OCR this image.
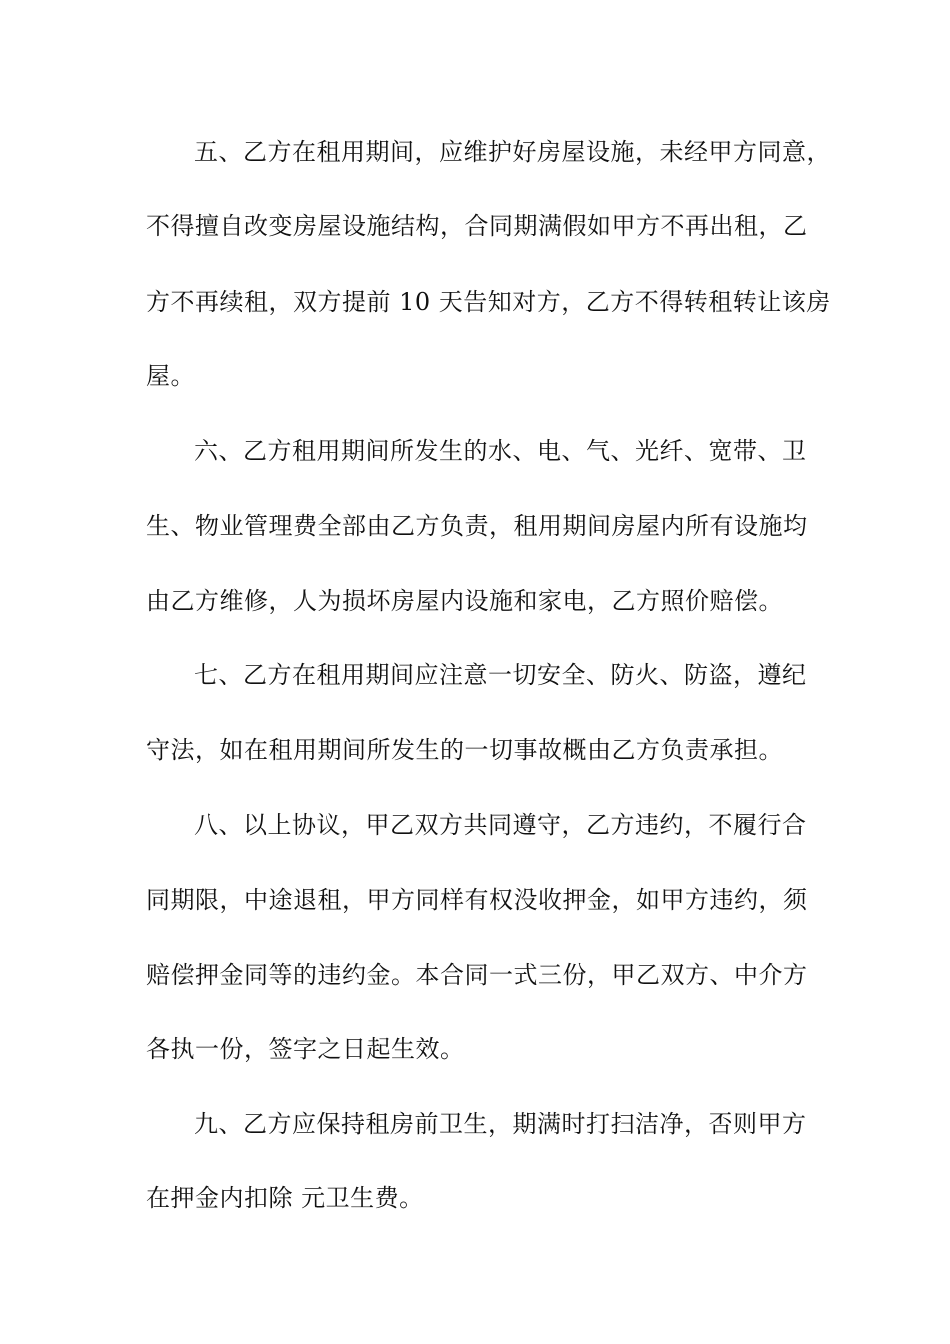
五、乙方在租用期间，应维护好房屋设施，未经甲方同意，
不得擅自改变房屋设施结构，合同期满假如甲方不再出租，乙
方不再续租，双方提前 10 天告知对方，乙方不得转租转让该房
屋。
六、乙方租用期间所发生的水、电、气、光纤、宽带、卫
生、物业管理费全部由乙方负责，租用期间房屋内所有设施均
由乙方维修，人为损坏房屋内设施和家电，乙方照价赔偿。
七、乙方在租用期间应注意一切安全、防火、防盗，遵纪
守法，如在租用期间所发生的一切事故概由乙方负责承担。
八、以上协议，甲乙双方共同遵守，乙方违约，不履行合
同期限，中途退租，甲方同样有权没收押金，如甲方违约，须
赔偿押金同等的违约金。本合同一式三份，甲乙双方、中介方
各执一份，签字之日起生效。
九、乙方应保持租房前卫生，期满时打扫洁净，否则甲方
在押金内扣除 元卫生费。
